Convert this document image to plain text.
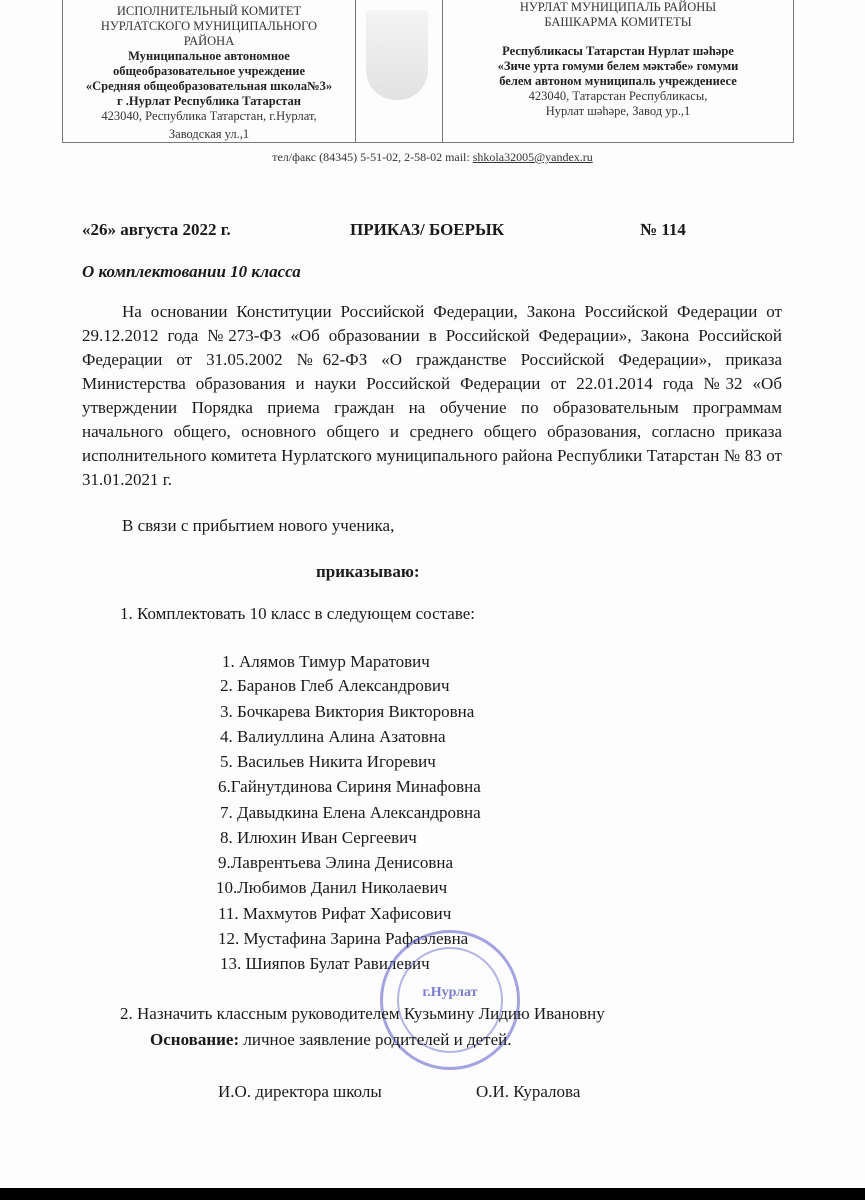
ИСПОЛНИТЕЛЬНЫЙ КОМИТЕТ
НУРЛАТСКОГО МУНИЦИПАЛЬНОГО
РАЙОНА
Муниципальное автономное
общеобразовательное учреждение
«Средняя общеобразовательная школа№3»
г .Нурлат Республика Татарстан
423040, Республика Татарстан, г.Нурлат,
Заводская ул.,1
НУРЛАТ МУНИЦИПАЛЬ РАЙОНЫ
БАШКАРМА КОМИТЕТЫ
Республикасы Татарстан Нурлат шәһәре
«Зиче урта гомуми белем мәктәбе» гомуми
белем автоном муниципаль учреждениесе
423040, Татарстан Республикасы,
Нурлат шәһәре, Завод ур.,1
тел/факс (84345) 5-51-02, 2-58-02 mail: shkola32005@yandex.ru
«26» августа 2022 г.	ПРИКАЗ/ БОЕРЫК	№ 114
О комплектовании 10 класса
На основании Конституции Российской Федерации, Закона Российской Федерации от 29.12.2012 года №273-ФЗ «Об образовании в Российской Федерации», Закона Российской Федерации от 31.05.2002 №62-ФЗ «О гражданстве Российской Федерации», приказа Министерства образования и науки Российской Федерации от 22.01.2014 года №32 «Об утверждении Порядка приема граждан на обучение по образовательным программам начального общего, основного общего и среднего общего образования, согласно приказа исполнительного комитета Нурлатского муниципального района Республики Татарстан № 83 от 31.01.2021 г.
В связи с прибытием нового ученика,
приказываю:
1. Комплектовать 10 класс в следующем составе:
1. Алямов Тимур Маратович
2. Баранов Глеб Александрович
3. Бочкарева Виктория Викторовна
4. Валиуллина Алина Азатовна
5. Васильев Никита Игоревич
6.Гайнутдинова Сириня Минафовна
7. Давыдкина Елена Александровна
8. Илюхин Иван Сергеевич
9.Лаврентьева Элина Денисовна
10.Любимов Данил Николаевич
11. Махмутов Рифат Хафисович
12. Мустафина Зарина Рафаэлевна
13. Шияпов Булат Равилевич
г.Нурлат
2. Назначить классным руководителем Кузьмину Лидию Ивановну
Основание: личное заявление родителей и детей.
И.О. директора школы	О.И. Куралова
